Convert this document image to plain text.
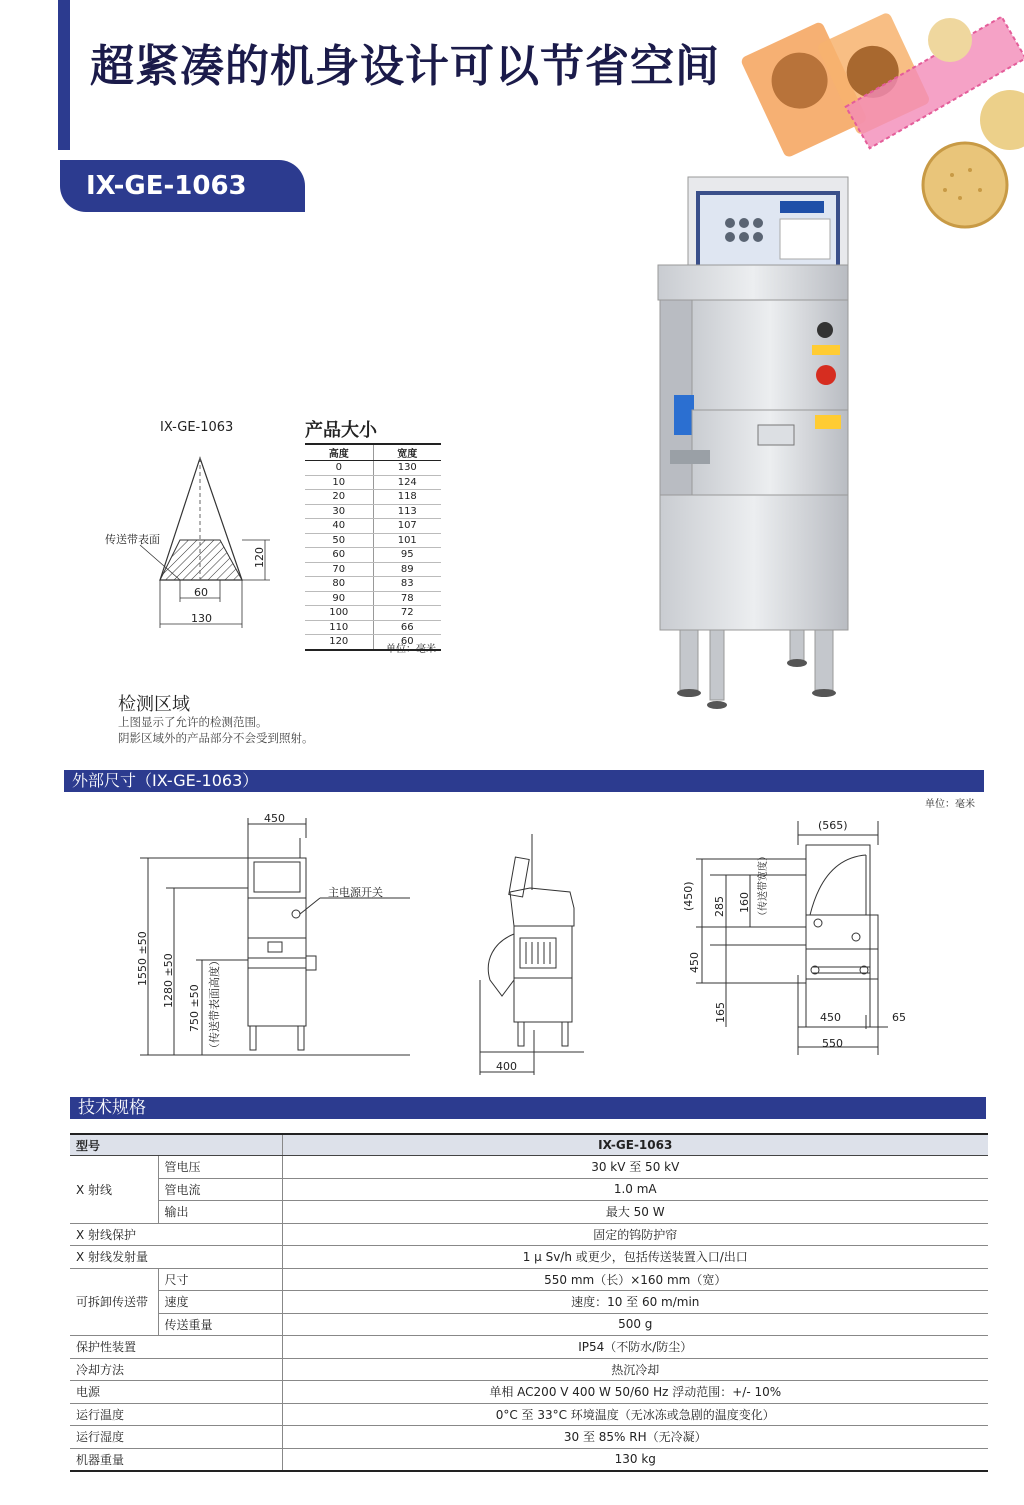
超紧凑的机身设计可以节省空间
IX-GE-1063
IX-GE-1063
传送带表面
120
60
130
产品大小
高度	宽度
0	130
10	124
20	118
30	113
40	107
50	101
60	95
70	89
80	83
90	78
100	72
110	66
120	60
单位：毫米
检测区域
上图显示了允许的检测范围。
阴影区域外的产品部分不会受到照射。
外部尺寸（IX-GE-1063）
单位：毫米
450
主电源开关
1550 ±50 1280 ±50
750 ±50 （传送带表面高度）
400
(565)
(450) 285 160 （传送带宽度）
450
165	450	65
550
技术规格
型号		IX-GE-1063
X 射线	管电压	30 kV 至 50 kV
	管电流	1.0 mA
	输出	最大 50 W
X 射线保护		固定的钨防护帘
X 射线发射量		1 μ Sv/h 或更少，包括传送装置入口/出口
可拆卸传送带	尺寸	550 mm（长）×160 mm（宽）
	速度	速度：10 至 60 m/min
	传送重量	500 g
保护性装置		IP54（不防水/防尘）
冷却方法		热沉冷却
电源		单相 AC200 V 400 W 50/60 Hz 浮动范围：+/- 10%
运行温度		0°C 至 33°C 环境温度（无冰冻或急剧的温度变化）
运行湿度		30 至 85% RH（无冷凝）
机器重量		130 kg
